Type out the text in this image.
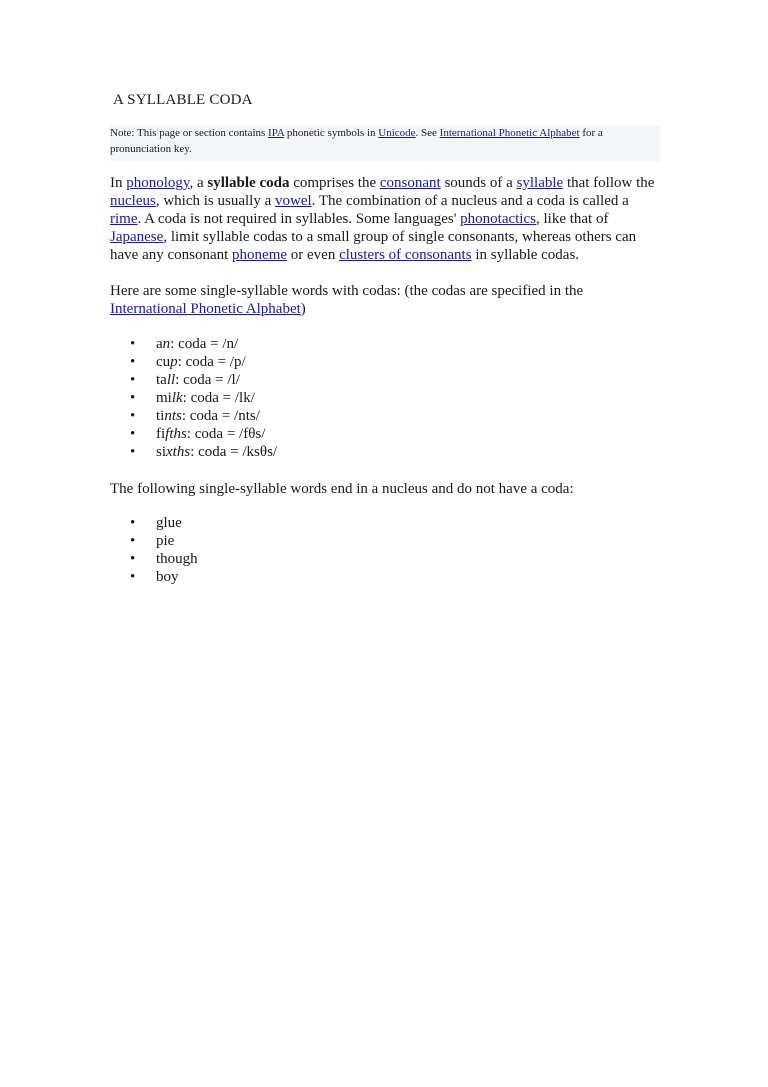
A SYLLABLE CODA
Note: This page or section contains IPA phonetic symbols in Unicode. See International Phonetic Alphabet for a pronunciation key.

In phonology, a syllable coda comprises the consonant sounds of a syllable that follow the nucleus, which is usually a vowel. The combination of a nucleus and a coda is called a rime. A coda is not required in syllables. Some languages' phonotactics, like that of Japanese, limit syllable codas to a small group of single consonants, whereas others can have any consonant phoneme or even clusters of consonants in syllable codas.

Here are some single-syllable words with codas: (the codas are specified in the International Phonetic Alphabet)

• an: coda = /n/
• cup: coda = /p/
• tall: coda = /l/
• milk: coda = /lk/
• tints: coda = /nts/
• fifths: coda = /fθs/
• sixths: coda = /ksθs/

The following single-syllable words end in a nucleus and do not have a coda:

• glue
• pie
• though
• boy
